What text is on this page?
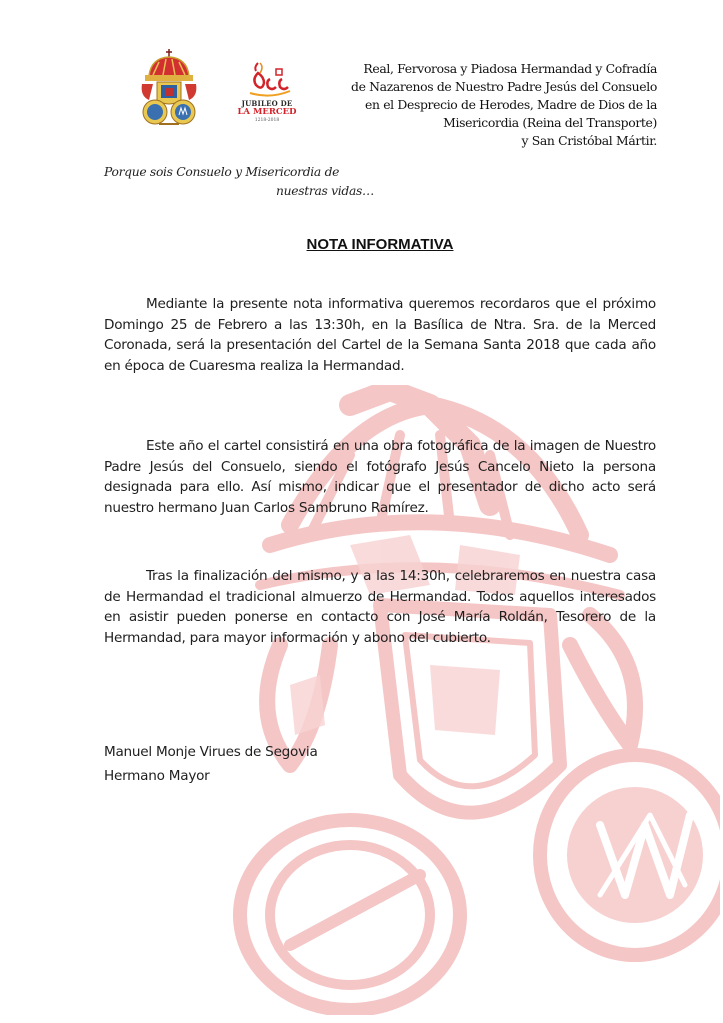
JUBILEO DE
LA MERCED
1218-2018
Real, Fervorosa y Piadosa Hermandad y Cofradía
de Nazarenos de Nuestro Padre Jesús del Consuelo
en el Desprecio de Herodes, Madre de Dios de la
Misericordia (Reina del Transporte)
y San Cristóbal Mártir.
Porque sois Consuelo y Misericordia de
nuestras vidas…
NOTA INFORMATIVA
Mediante la presente nota informativa queremos recordaros que el próximo Domingo 25 de Febrero a las 13:30h, en la Basílica de Ntra. Sra. de la Merced Coronada, será la presentación del Cartel de la Semana Santa 2018 que cada año en época de Cuaresma realiza la Hermandad.
Este año el cartel consistirá en una obra fotográfica de la imagen de Nuestro Padre Jesús del Consuelo, siendo el fotógrafo Jesús Cancelo Nieto la persona designada para ello. Así mismo, indicar que el presentador de dicho acto será nuestro hermano Juan Carlos Sambruno Ramírez.
Tras la finalización del mismo, y a las 14:30h, celebraremos en nuestra casa de Hermandad el tradicional almuerzo de Hermandad. Todos aquellos interesados en asistir pueden ponerse en contacto con José María Roldán, Tesorero de la Hermandad, para mayor información y abono del cubierto.
Manuel Monje Virues de Segovia
Hermano Mayor
